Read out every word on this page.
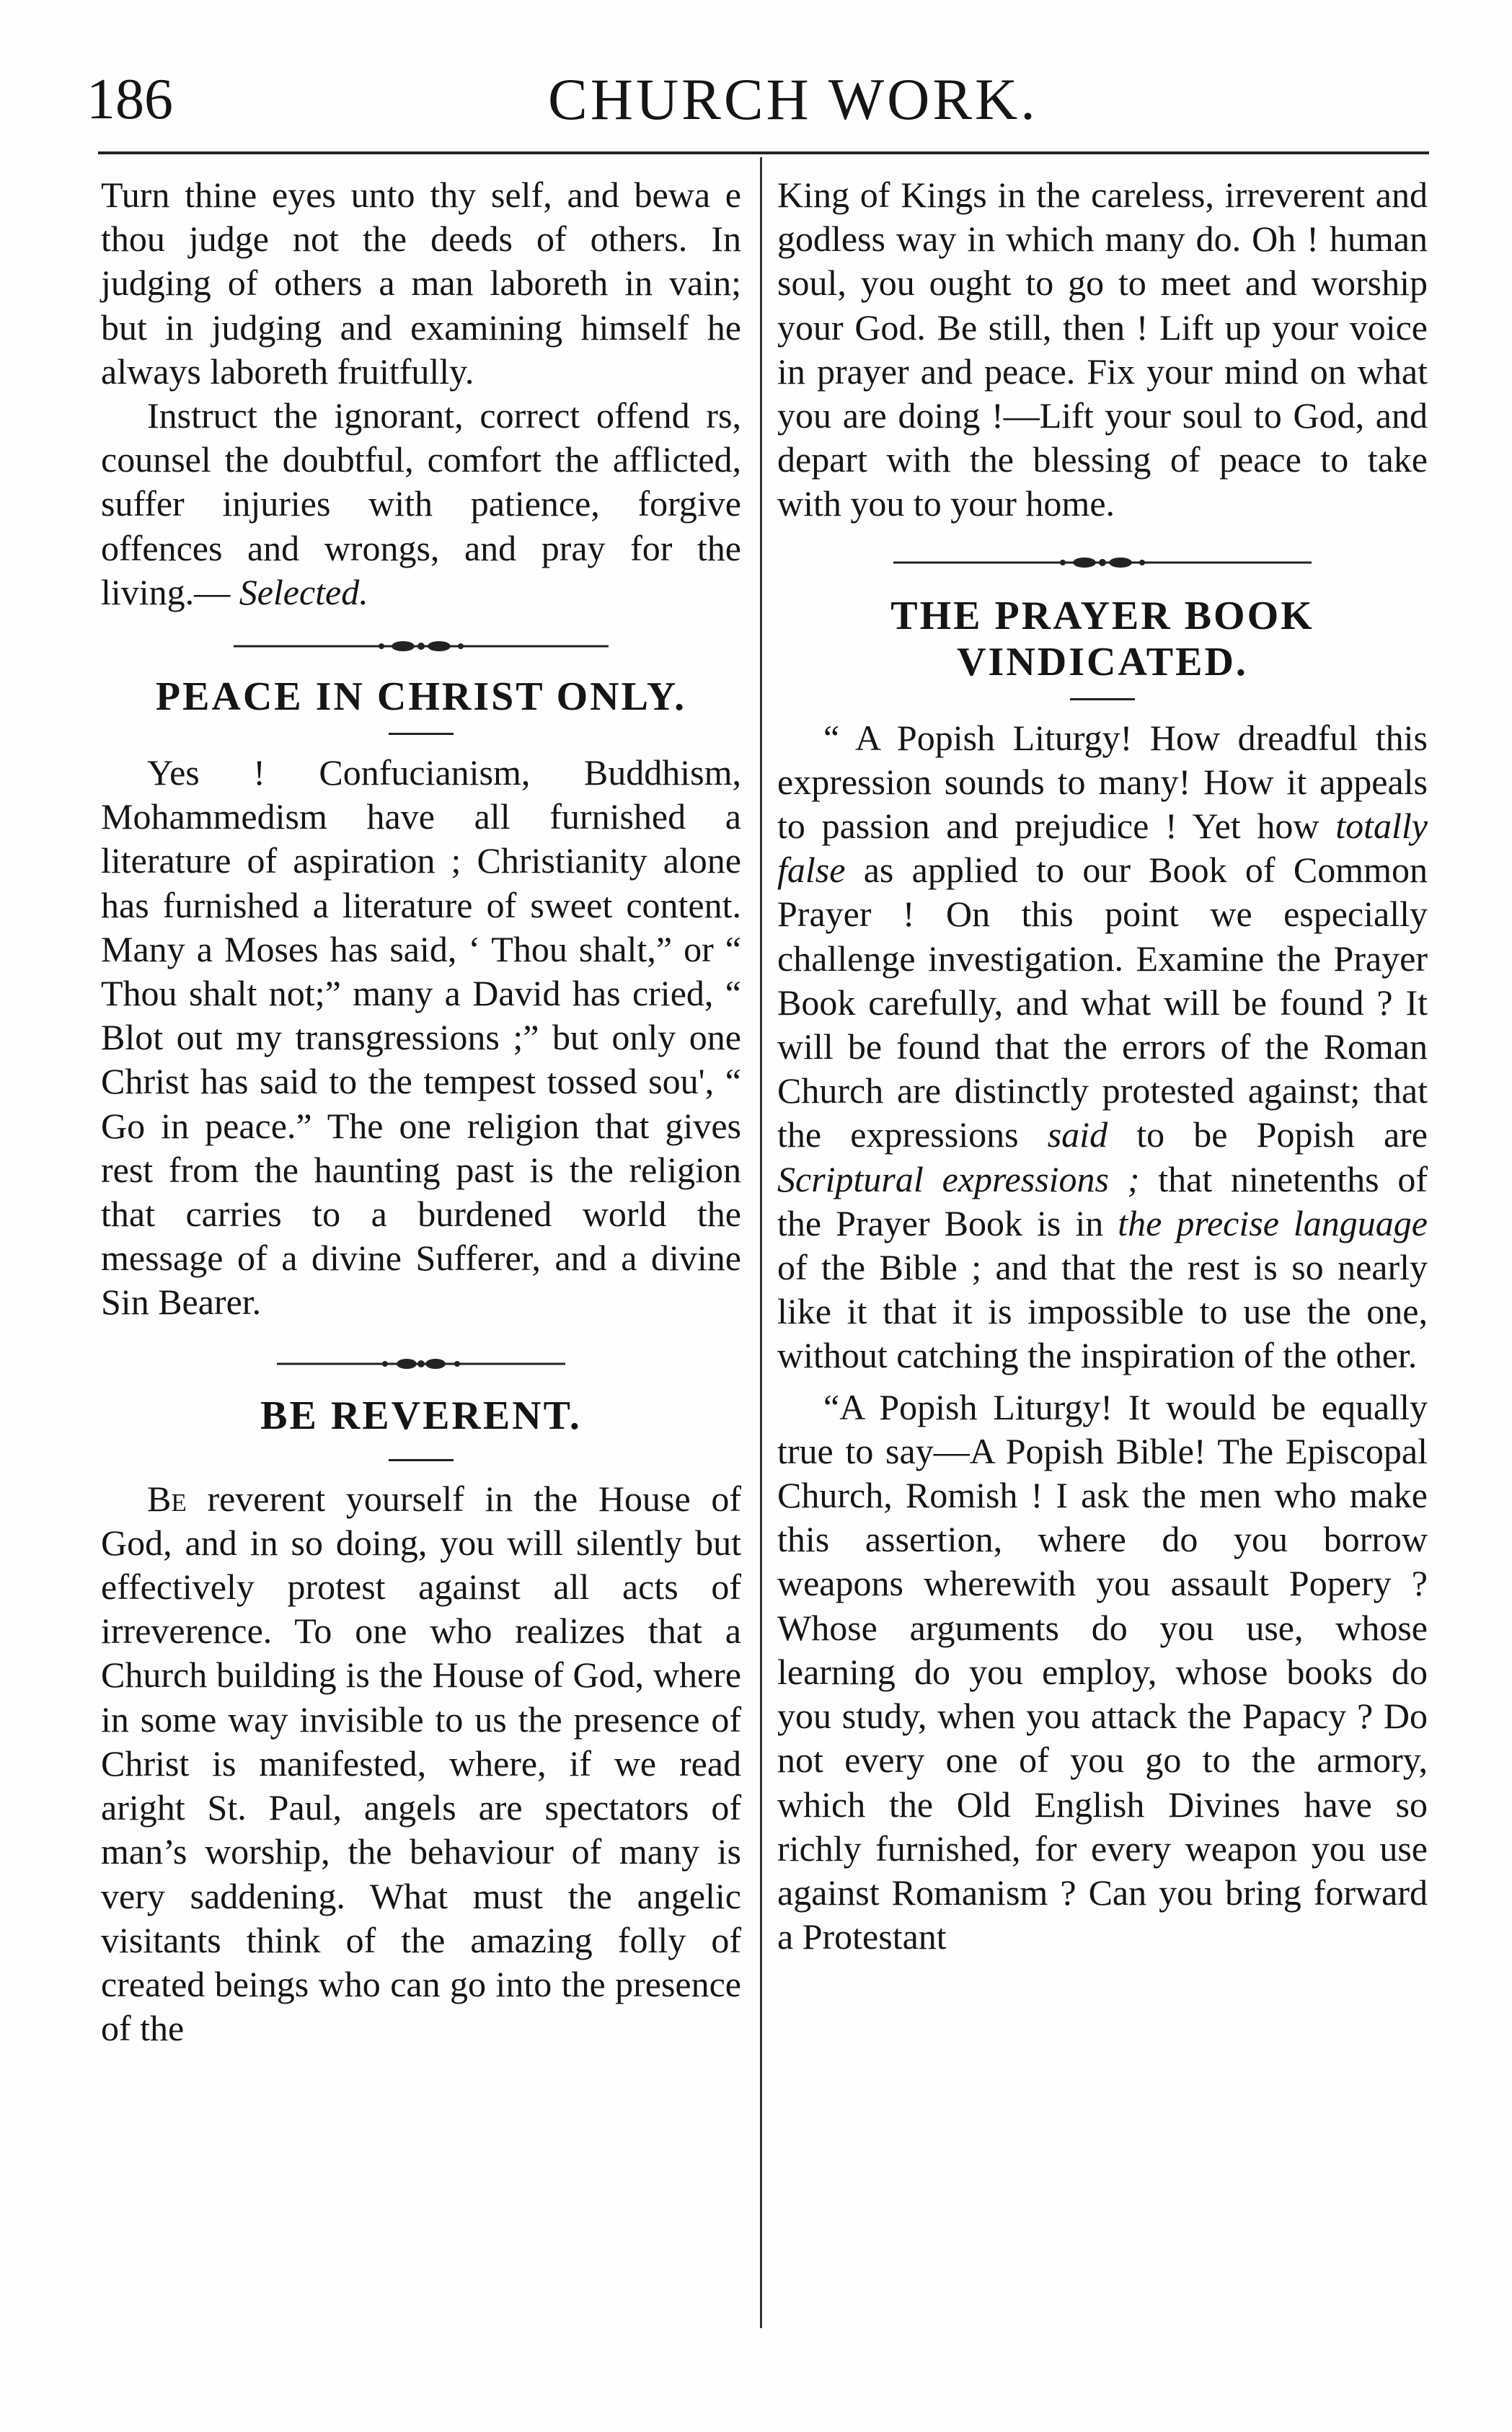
186	CHURCH WORK.

Turn thine eyes unto thy self, and bewa e thou judge not the deeds of others. In judging of others a man laboreth in vain; but in judging and examining himself he always laboreth fruitfully.

Instruct the ignorant, correct offend rs, counsel the doubtful, comfort the afflicted, suffer injuries with patience, forgive offences and wrongs, and pray for the living.— Selected.

PEACE IN CHRIST ONLY.

Yes ! Confucianism, Buddhism, Mohammedism have all furnished a literature of aspiration ; Christianity alone has furnished a literature of sweet content. Many a Moses has said, ‘ Thou shalt,” or “ Thou shalt not;” many a David has cried, “ Blot out my transgressions ;” but only one Christ has said to the tempest tossed sou', “ Go in peace.” The one religion that gives rest from the haunting past is the religion that carries to a burdened world the message of a divine Sufferer, and a divine Sin Bearer.

BE REVERENT.

Be reverent yourself in the House of God, and in so doing, you will silently but effectively protest against all acts of irreverence. To one who realizes that a Church building is the House of God, where in some way invisible to us the presence of Christ is manifested, where, if we read aright St. Paul, angels are spectators of man’s worship, the behaviour of many is very saddening. What must the angelic visitants think of the amazing folly of created beings who can go into the presence of the

King of Kings in the careless, irreverent and godless way in which many do. Oh ! human soul, you ought to go to meet and worship your God. Be still, then ! Lift up your voice in prayer and peace. Fix your mind on what you are doing !—Lift your soul to God, and depart with the blessing of peace to take with you to your home.

THE PRAYER BOOK VINDICATED.

“ A Popish Liturgy! How dreadful this expression sounds to many! How it appeals to passion and prejudice ! Yet how totally false as applied to our Book of Common Prayer ! On this point we especially challenge investigation. Examine the Prayer Book carefully, and what will be found ? It will be found that the errors of the Roman Church are distinctly protested against; that the expressions said to be Popish are Scriptural expressions ; that ninetenths of the Prayer Book is in the precise language of the Bible ; and that the rest is so nearly like it that it is impossible to use the one, without catching the inspiration of the other.

“A Popish Liturgy! It would be equally true to say—A Popish Bible! The Episcopal Church, Romish ! I ask the men who make this assertion, where do you borrow weapons wherewith you assault Popery ? Whose arguments do you use, whose learning do you employ, whose books do you study, when you attack the Papacy ? Do not every one of you go to the armory, which the Old English Divines have so richly furnished, for every weapon you use against Romanism ? Can you bring forward a Protestant
